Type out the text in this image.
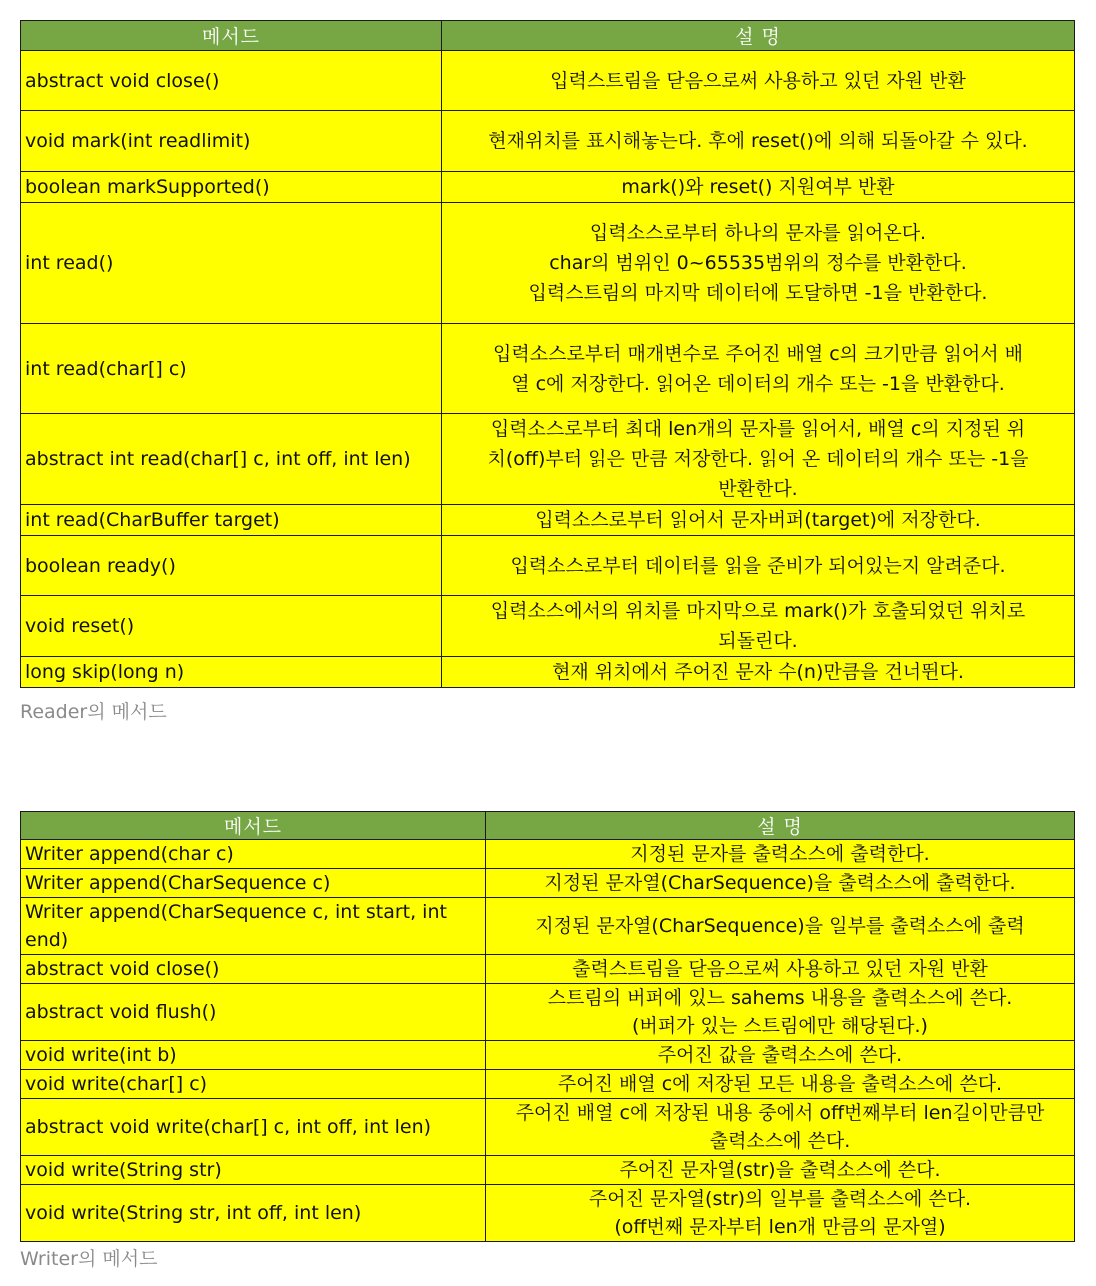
메서드	설 명
abstract void close()	입력스트림을 닫음으로써 사용하고 있던 자원 반환

void mark(int readlimit)	현재위치를 표시해놓는다. 후에 reset()에 의해 되돌아갈 수 있다.

boolean markSupported()	mark()와 reset() 지원여부 반환

int read()	입력소스로부터 하나의 문자를 읽어온다.
char의 범위인 0~65535범위의 정수를 반환한다.
입력스트림의 마지막 데이터에 도달하면 -1을 반환한다.

int read(char[] c)	입력소스로부터 매개변수로 주어진 배열 c의 크기만큼 읽어서 배
열 c에 저장한다. 읽어온 데이터의 개수 또는 -1을 반환한다.

abstract int read(char[] c, int off, int len)	입력소스로부터 최대 len개의 문자를 읽어서, 배열 c의 지정된 위
치(off)부터 읽은 만큼 저장한다. 읽어 온 데이터의 개수 또는 -1을
반환한다.

int read(CharBuffer target)	입력소스로부터 읽어서 문자버퍼(target)에 저장한다.

boolean ready()	입력소스로부터 데이터를 읽을 준비가 되어있는지 알려준다.

void reset()	입력소스에서의 위치를 마지막으로 mark()가 호출되었던 위치로
되돌린다.

long skip(long n)	현재 위치에서 주어진 문자 수(n)만큼을 건너뛴다.

Reader의 메서드

메서드	설 명
Writer append(char c)	지정된 문자를 출력소스에 출력한다.

Writer append(CharSequence c)	지정된 문자열(CharSequence)을 출력소스에 출력한다.

Writer append(CharSequence c, int start, int end)	지정된 문자열(CharSequence)을 일부를 출력소스에 출력

abstract void close()	출력스트림을 닫음으로써 사용하고 있던 자원 반환

abstract void flush()	스트림의 버퍼에 있느 sahems 내용을 출력소스에 쓴다.
(버퍼가 있는 스트림에만 해당된다.)

void write(int b)	주어진 값을 출력소스에 쓴다.

void write(char[] c)	주어진 배열 c에 저장된 모든 내용을 출력소스에 쓴다.

abstract void write(char[] c, int off, int len)	주어진 배열 c에 저장된 내용 중에서 off번째부터 len길이만큼만
출력소스에 쓴다.

void write(String str)	주어진 문자열(str)을 출력소스에 쓴다.

void write(String str, int off, int len)	주어진 문자열(str)의 일부를 출력소스에 쓴다.
(off번째 문자부터 len개 만큼의 문자열)

Writer의 메서드
